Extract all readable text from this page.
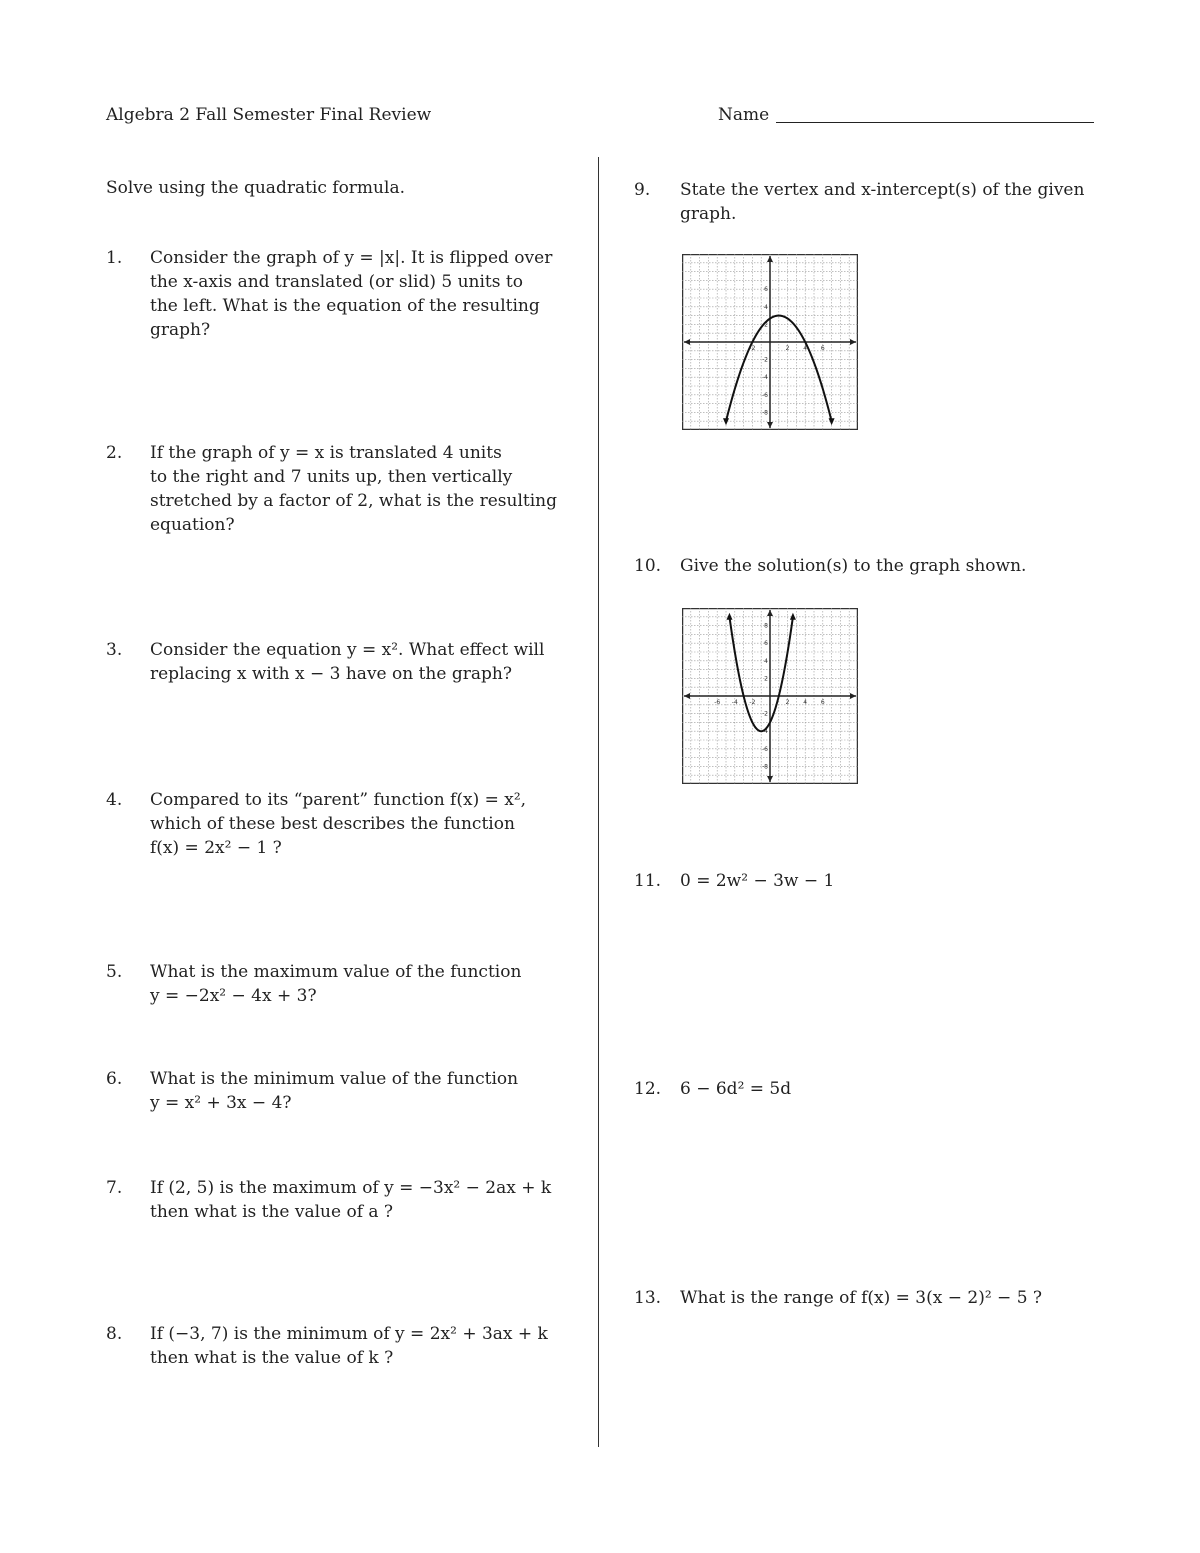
Algebra 2 Fall Semester Final Review	Name
Solve using the quadratic formula.
1.	Consider the graph of y = |x|. It is flipped over
the x-axis and translated (or slid) 5 units to
the left. What is the equation of the resulting
graph?
2.	If the graph of y = x is translated 4 units
to the right and 7 units up, then vertically
stretched by a factor of 2, what is the resulting
equation?
3.	Consider the equation y = x². What effect will
replacing x with x − 3 have on the graph?
4.	Compared to its “parent” function f(x) = x²,
which of these best describes the function
f(x) = 2x² − 1 ?
5.	What is the maximum value of the function
y = −2x² − 4x + 3?
6.	What is the minimum value of the function
y = x² + 3x − 4?
7.	If (2, 5) is the maximum of y = −3x² − 2ax + k
then what is the value of a ?
8.	If (−3, 7) is the minimum of y = 2x² + 3ax + k
then what is the value of k ?
9.	State the vertex and x-intercept(s) of the given
graph.
-2	2 4 6
6
4
2
-2
-4
-6
-8
10.	Give the solution(s) to the graph shown.
-6 -4 -2	2 4 6
8
6
4
2
-2
-4
-6
-8
11.	0 = 2w² − 3w − 1
12.	6 − 6d² = 5d
13.	What is the range of f(x) = 3(x − 2)² − 5 ?
